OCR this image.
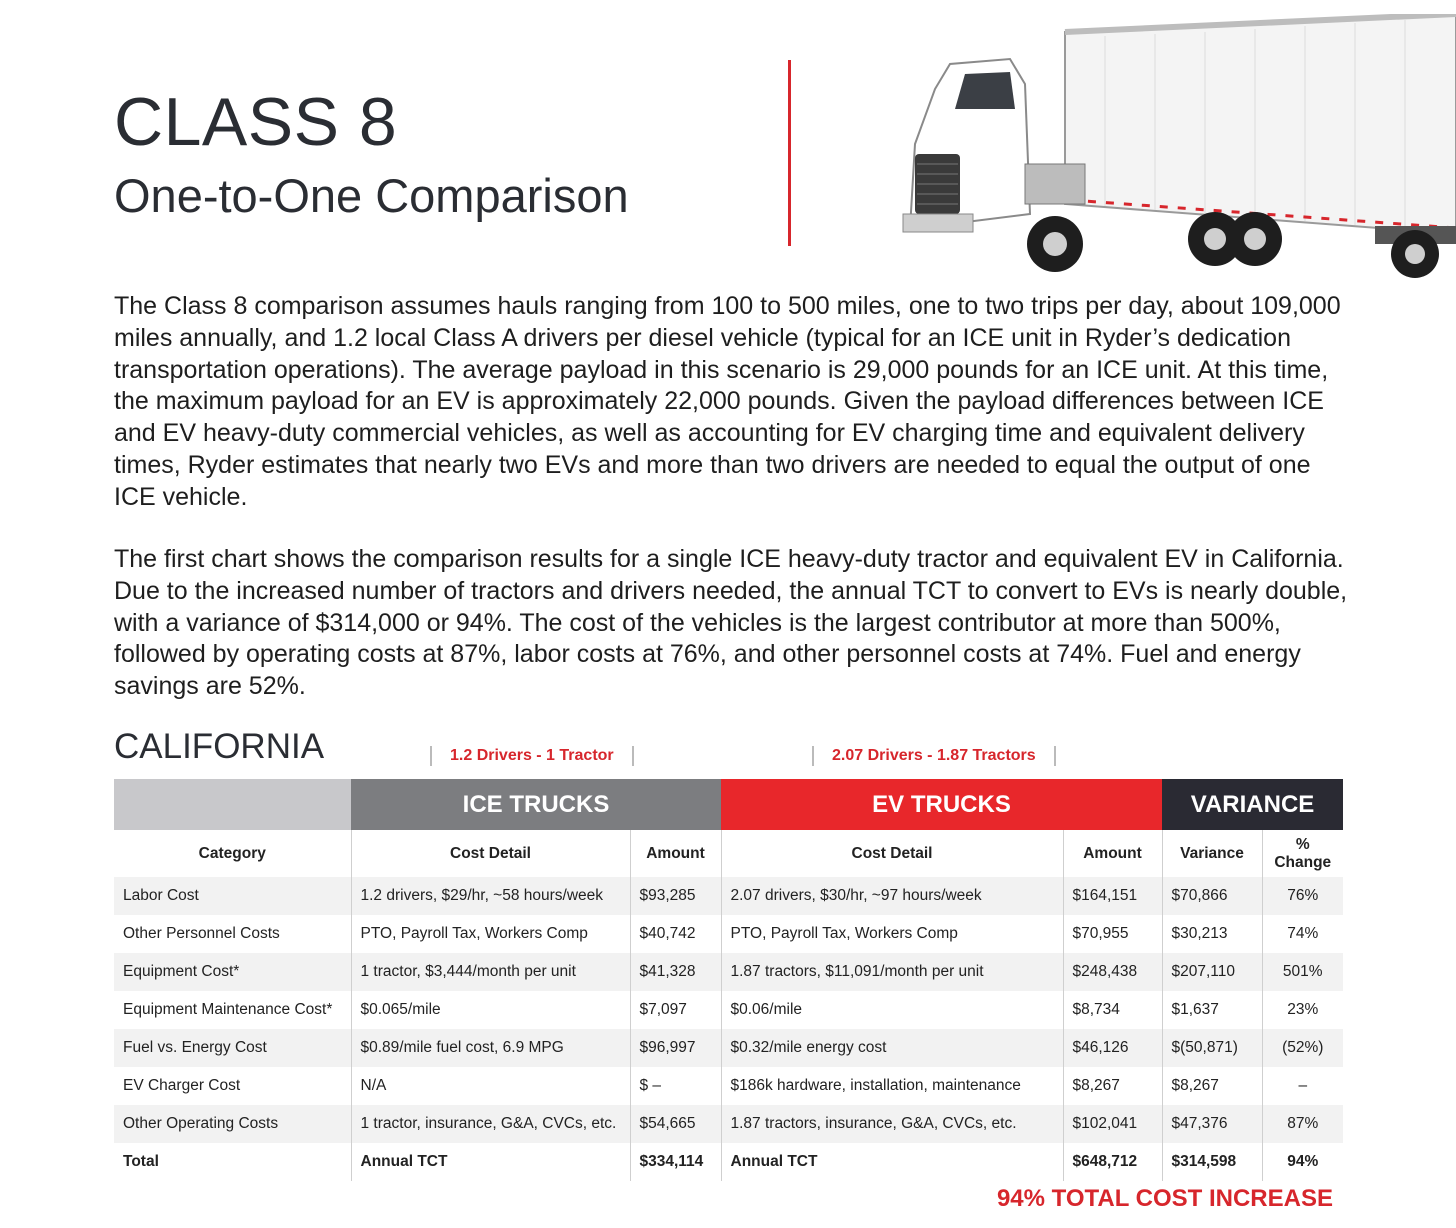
CLASS 8
One-to-One Comparison

The Class 8 comparison assumes hauls ranging from 100 to 500 miles, one to two trips per day, about 109,000 miles annually, and 1.2 local Class A drivers per diesel vehicle (typical for an ICE unit in Ryder’s dedication transportation operations). The average payload in this scenario is 29,000 pounds for an ICE unit. At this time, the maximum payload for an EV is approximately 22,000 pounds. Given the payload differences between ICE and EV heavy-duty commercial vehicles, as well as accounting for EV charging time and equivalent delivery times, Ryder estimates that nearly two EVs and more than two drivers are needed to equal the output of one ICE vehicle.

The first chart shows the comparison results for a single ICE heavy-duty tractor and equivalent EV in California. Due to the increased number of tractors and drivers needed, the annual TCT to convert to EVs is nearly double, with a variance of $314,000 or 94%. The cost of the vehicles is the largest contributor at more than 500%, followed by operating costs at 87%, labor costs at 76%, and other personnel costs at 74%. Fuel and energy savings are 52%.

CALIFORNIA	1.2 Drivers - 1 Tractor	2.07 Drivers - 1.87 Tractors
ICE TRUCKS	EV TRUCKS	VARIANCE
Category	Cost Detail	Amount	Cost Detail	Amount	Variance	% Change
Labor Cost	1.2 drivers, $29/hr, ~58 hours/week	$93,285	2.07 drivers, $30/hr, ~97 hours/week	$164,151	$70,866	76%
Other Personnel Costs	PTO, Payroll Tax, Workers Comp	$40,742	PTO, Payroll Tax, Workers Comp	$70,955	$30,213	74%
Equipment Cost*	1 tractor, $3,444/month per unit	$41,328	1.87 tractors, $11,091/month per unit	$248,438	$207,110	501%
Equipment Maintenance Cost*	$0.065/mile	$7,097	$0.06/mile	$8,734	$1,637	23%
Fuel vs. Energy Cost	$0.89/mile fuel cost, 6.9 MPG	$96,997	$0.32/mile energy cost	$46,126	$(50,871)	(52%)
EV Charger Cost	N/A	$ –	$186k hardware, installation, maintenance	$8,267	$8,267	–
Other Operating Costs	1 tractor, insurance, G&A, CVCs, etc.	$54,665	1.87 tractors, insurance, G&A, CVCs, etc.	$102,041	$47,376	87%
Total	Annual TCT	$334,114	Annual TCT	$648,712	$314,598	94%
94% TOTAL COST INCREASE
